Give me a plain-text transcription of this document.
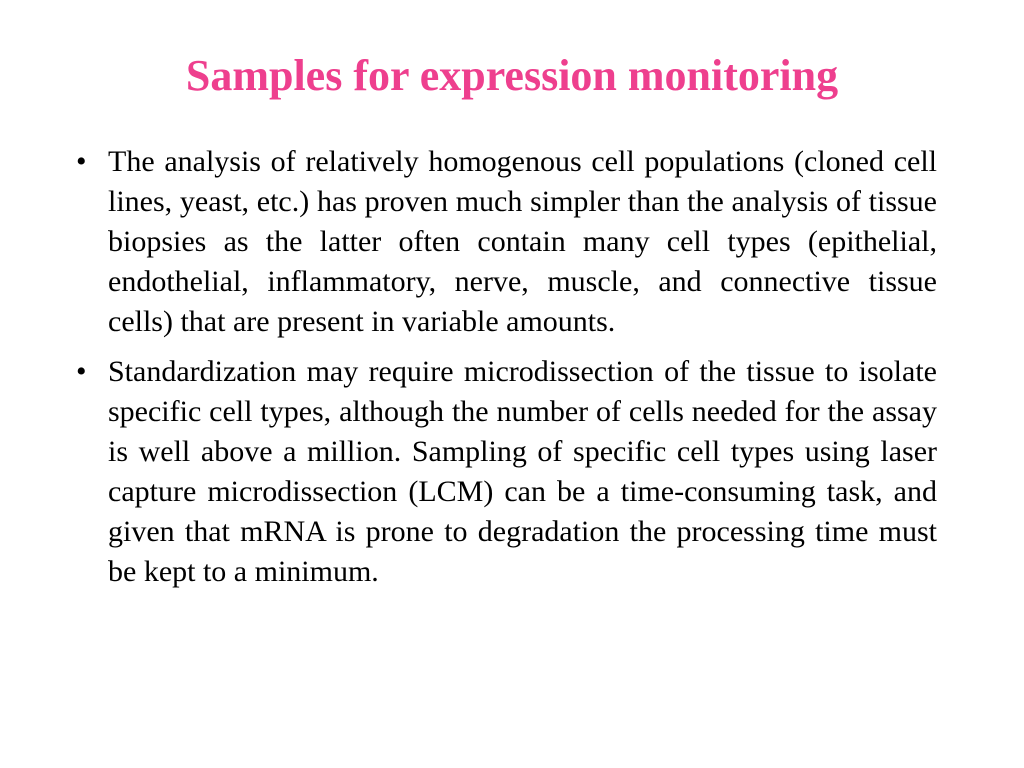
Samples for expression monitoring
• The analysis of relatively homogenous cell populations (cloned cell lines, yeast, etc.) has proven much simpler than the analysis of tissue biopsies as the latter often contain many cell types (epithelial, endothelial, inflammatory, nerve, muscle, and connective tissue cells) that are present in variable amounts.
• Standardization may require microdissection of the tissue to isolate specific cell types, although the number of cells needed for the assay is well above a million. Sampling of specific cell types using laser capture microdissection (LCM) can be a time-consuming task, and given that mRNA is prone to degradation the processing time must be kept to a minimum.
